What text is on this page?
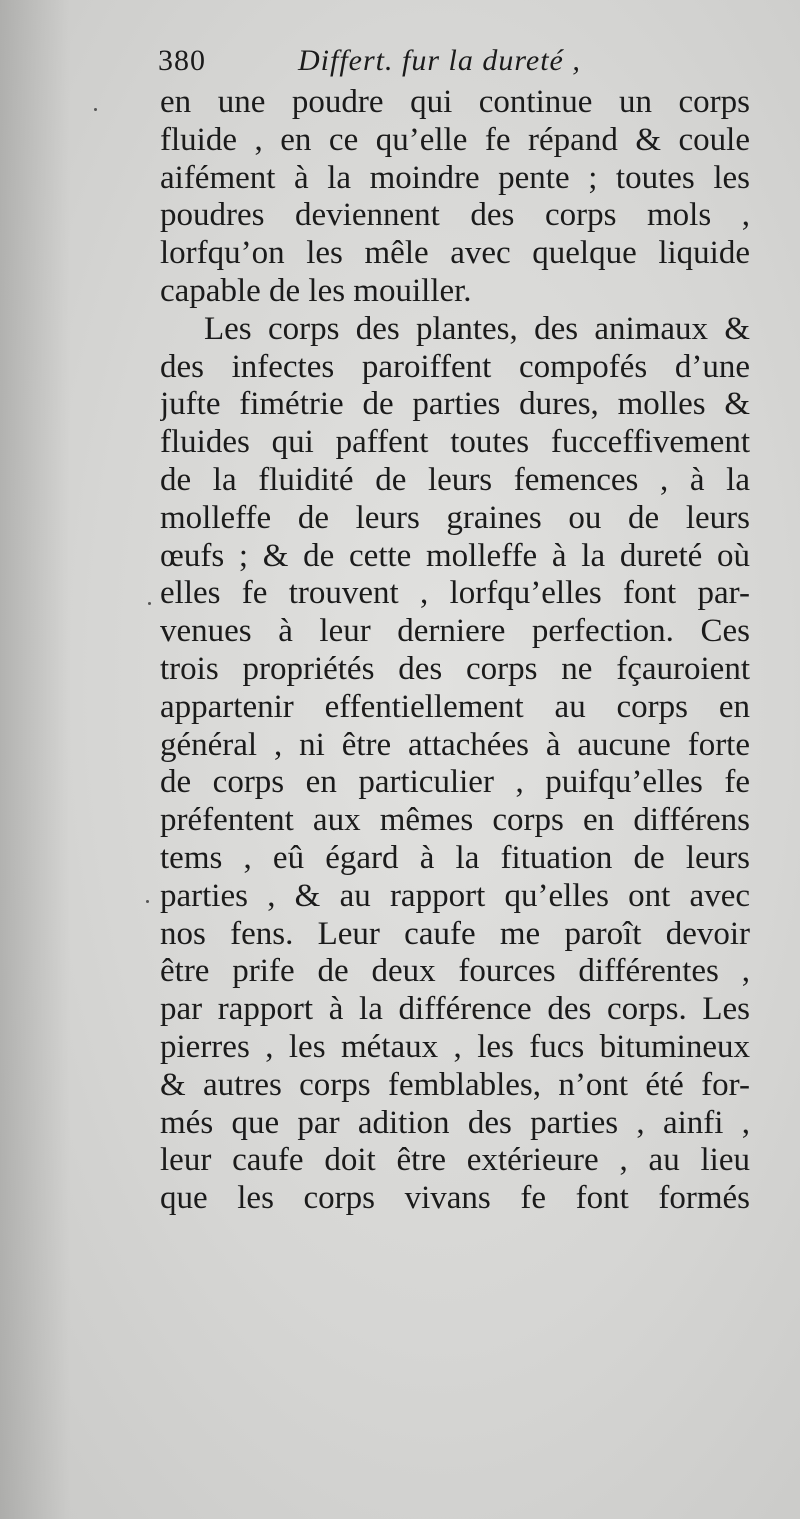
380	Differt. fur la dureté ,
en une poudre qui continue un corps
fluide , en ce qu’elle fe répand & coule
aifément à la moindre pente ; toutes les
poudres deviennent des corps mols ,
lorfqu’on les mêle avec quelque liquide
capable de les mouiller.
Les corps des plantes, des animaux &
des infectes paroiffent compofés d’une
jufte fimétrie de parties dures, molles &
fluides qui paffent toutes fucceffivement
de la fluidité de leurs femences , à la
molleffe de leurs graines ou de leurs
œufs ; & de cette molleffe à la dureté où
elles fe trouvent , lorfqu’elles font par-
venues à leur derniere perfection. Ces
trois propriétés des corps ne fçauroient
appartenir effentiellement au corps en
général , ni être attachées à aucune forte
de corps en particulier , puifqu’elles fe
préfentent aux mêmes corps en différens
tems , eû égard à la fituation de leurs
parties , & au rapport qu’elles ont avec
nos fens. Leur caufe me paroît devoir
être prife de deux fources différentes ,
par rapport à la différence des corps. Les
pierres , les métaux , les fucs bitumineux
& autres corps femblables, n’ont été for-
més que par adition des parties , ainfi ,
leur caufe doit être extérieure , au lieu
que les corps vivans fe font formés
